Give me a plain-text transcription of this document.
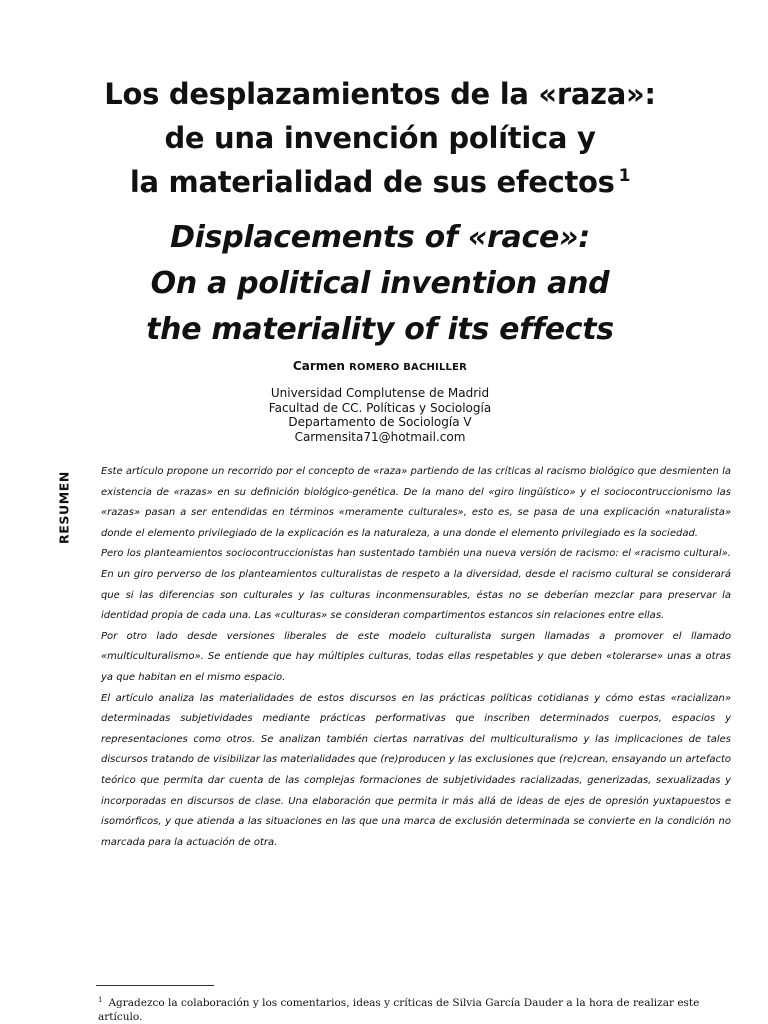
Los desplazamientos de la «raza»:
de una invención política y
la materialidad de sus efectos $^1$
Displacements of «race»:
On a political invention and
the materiality of its effects
Carmen ROMERO BACHILLER
Universidad Complutense de Madrid
Facultad de CC. Políticas y Sociología
Departamento de Sociología V
Carmensita71@hotmail.com
RESUMEN	Este artículo propone un recorrido por el concepto de «raza» partiendo de las críticas al racismo biológico que desmienten la existencia de «razas» en su definición biológico-genética. De la mano del «giro lingüístico» y el sociocontruccionismo las «razas» pasan a ser entendidas en términos «meramente culturales», esto es, se pasa de una explicación «naturalista» donde el elemento privilegiado de la explicación es la naturaleza, a una donde el elemento privilegiado es la sociedad.

Pero los planteamientos sociocontruccionistas han sustentado también una nueva versión de racismo: el «racismo cultural». En un giro perverso de los planteamientos culturalistas de respeto a la diversidad, desde el racismo cultural se considerará que si las diferencias son culturales y las culturas inconmensurables, éstas no se deberían mezclar para preservar la identidad propia de cada una. Las «culturas» se consideran compartimentos estancos sin relaciones entre ellas.

Por otro lado desde versiones liberales de este modelo culturalista surgen llamadas a promover el llamado «multiculturalismo». Se entiende que hay múltiples culturas, todas ellas respetables y que deben «tolerarse» unas a otras ya que habitan en el mismo espacio.

El artículo analiza las materialidades de estos discursos en las prácticas políticas cotidianas y cómo estas «racializan» determinadas subjetividades mediante prácticas performativas que inscriben determinados cuerpos, espacios y representaciones como otros. Se analizan también ciertas narrativas del multiculturalismo y las implicaciones de tales discursos tratando de visibilizar las materialidades que (re)producen y las exclusiones que (re)crean, ensayando un artefacto teórico que permita dar cuenta de las complejas formaciones de subjetividades racializadas, generizadas, sexualizadas y incorporadas en discursos de clase. Una elaboración que permita ir más allá de ideas de ejes de opresión yuxtapuestos e isomórficos, y que atienda a las situaciones en las que una marca de exclusión determinada se convierte en la condición no marcada para la actuación de otra.

$^1$ Agradezco la colaboración y los comentarios, ideas y críticas de Silvia García Dauder a la hora de realizar este artículo.
